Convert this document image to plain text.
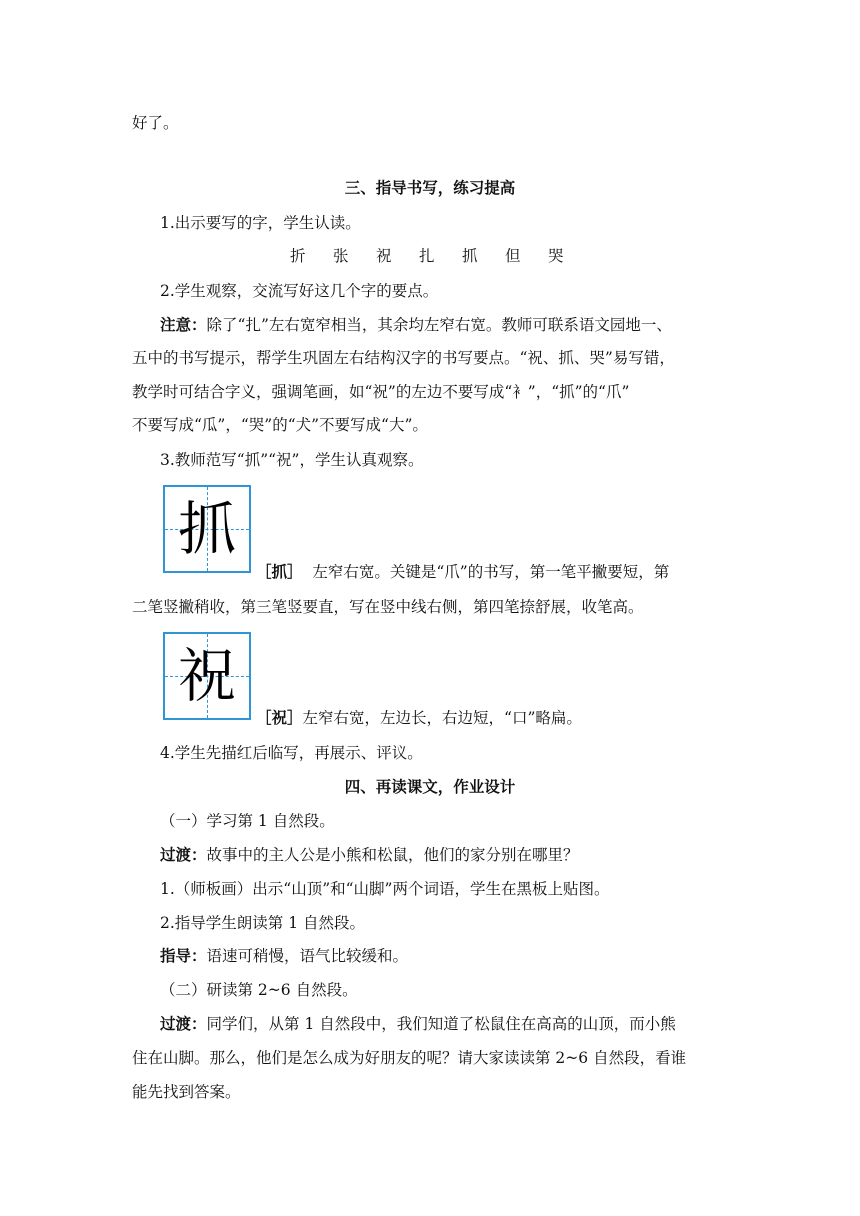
好了。
三、指导书写，练习提高
1.出示要写的字，学生认读。
折 张 祝 扎 抓 但 哭
2.学生观察，交流写好这几个字的要点。
注意：除了“扎”左右宽窄相当，其余均左窄右宽。教师可联系语文园地一、
五中的书写提示，帮学生巩固左右结构汉字的书写要点。“祝、抓、哭”易写错，
教学时可结合字义，强调笔画，如“祝”的左边不要写成“衤”，“抓”的“爪”
不要写成“瓜”，“哭”的“犬”不要写成“大”。
3.教师范写“抓”“祝”，学生认真观察。
抓
［抓］ 左窄右宽。关键是“爪”的书写，第一笔平撇要短，第
二笔竖撇稍收，第三笔竖要直，写在竖中线右侧，第四笔捺舒展，收笔高。
祝
［祝］左窄右宽，左边长，右边短，“口”略扁。
4.学生先描红后临写，再展示、评议。
四、再读课文，作业设计
（一）学习第 1 自然段。
过渡：故事中的主人公是小熊和松鼠，他们的家分别在哪里？
1.（师板画）出示“山顶”和“山脚”两个词语，学生在黑板上贴图。
2.指导学生朗读第 1 自然段。
指导：语速可稍慢，语气比较缓和。
（二）研读第 2~6 自然段。
过渡：同学们，从第 1 自然段中，我们知道了松鼠住在高高的山顶，而小熊
住在山脚。那么，他们是怎么成为好朋友的呢？请大家读读第 2~6 自然段，看谁
能先找到答案。
